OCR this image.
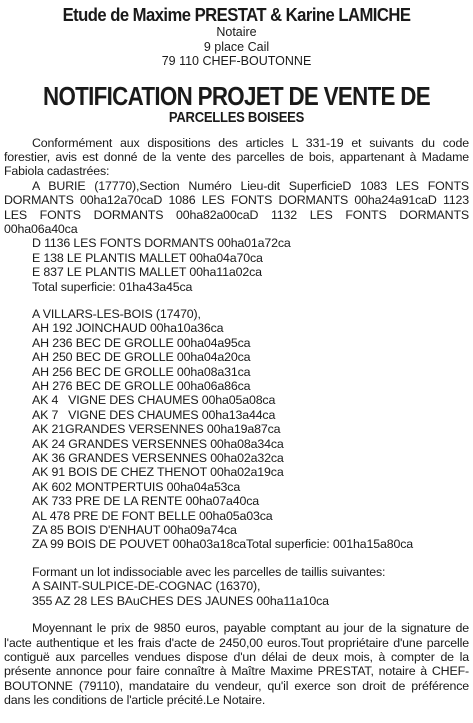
Etude de Maxime PRESTAT & Karine LAMICHE
Notaire
9 place Cail
79 110 CHEF-BOUTONNE
NOTIFICATION PROJET DE VENTE DE
PARCELLES BOISEES

Conformément aux dispositions des articles L 331-19 et suivants du code forestier, avis est donné de la vente des parcelles de bois, appartenant à Madame Fabiola cadastrées:

A BURIE (17770),Section Numéro Lieu-dit SuperficieD 1083 LES FONTS DORMANTS 00ha12a70caD 1086 LES FONTS DORMANTS 00ha24a91caD 1123 LES FONTS DORMANTS 00ha82a00caD 1132 LES FONTS DORMANTS 00ha06a40ca

D 1136 LES FONTS DORMANTS 00ha01a72ca

E 138 LE PLANTIS MALLET 00ha04a70ca

E 837 LE PLANTIS MALLET 00ha11a02ca

Total superficie: 01ha43a45ca

A VILLARS-LES-BOIS (17470),

AH 192 JOINCHAUD 00ha10a36ca

AH 236 BEC DE GROLLE 00ha04a95ca

AH 250 BEC DE GROLLE 00ha04a20ca

AH 256 BEC DE GROLLE 00ha08a31ca

AH 276 BEC DE GROLLE 00ha06a86ca

AK 4   VIGNE DES CHAUMES 00ha05a08ca

AK 7   VIGNE DES CHAUMES 00ha13a44ca

AK 21GRANDES VERSENNES 00ha19a87ca

AK 24 GRANDES VERSENNES 00ha08a34ca

AK 36 GRANDES VERSENNES 00ha02a32ca

AK 91 BOIS DE CHEZ THENOT 00ha02a19ca

AK 602 MONTPERTUIS 00ha04a53ca

AK 733 PRE DE LA RENTE 00ha07a40ca

AL 478 PRE DE FONT BELLE 00ha05a03ca

ZA 85 BOIS D'ENHAUT 00ha09a74ca

ZA 99 BOIS DE POUVET 00ha03a18caTotal superficie: 001ha15a80ca

Formant un lot indissociable avec les parcelles de taillis suivantes:

A SAINT-SULPICE-DE-COGNAC (16370),

355 AZ 28 LES BAuCHES DES JAUNES 00ha11a10ca

Moyennant le prix de 9850 euros, payable comptant au jour de la signature de l'acte authentique et les frais d'acte de 2450,00 euros.Tout propriétaire d'une parcelle contiguë aux parcelles vendues dispose d'un délai de deux mois, à compter de la présente annonce pour faire connaître à Maître Maxime PRESTAT, notaire à CHEF-BOUTONNE (79110), mandataire du vendeur, qu'il exerce son droit de préférence dans les conditions de l'article précité.Le Notaire.
